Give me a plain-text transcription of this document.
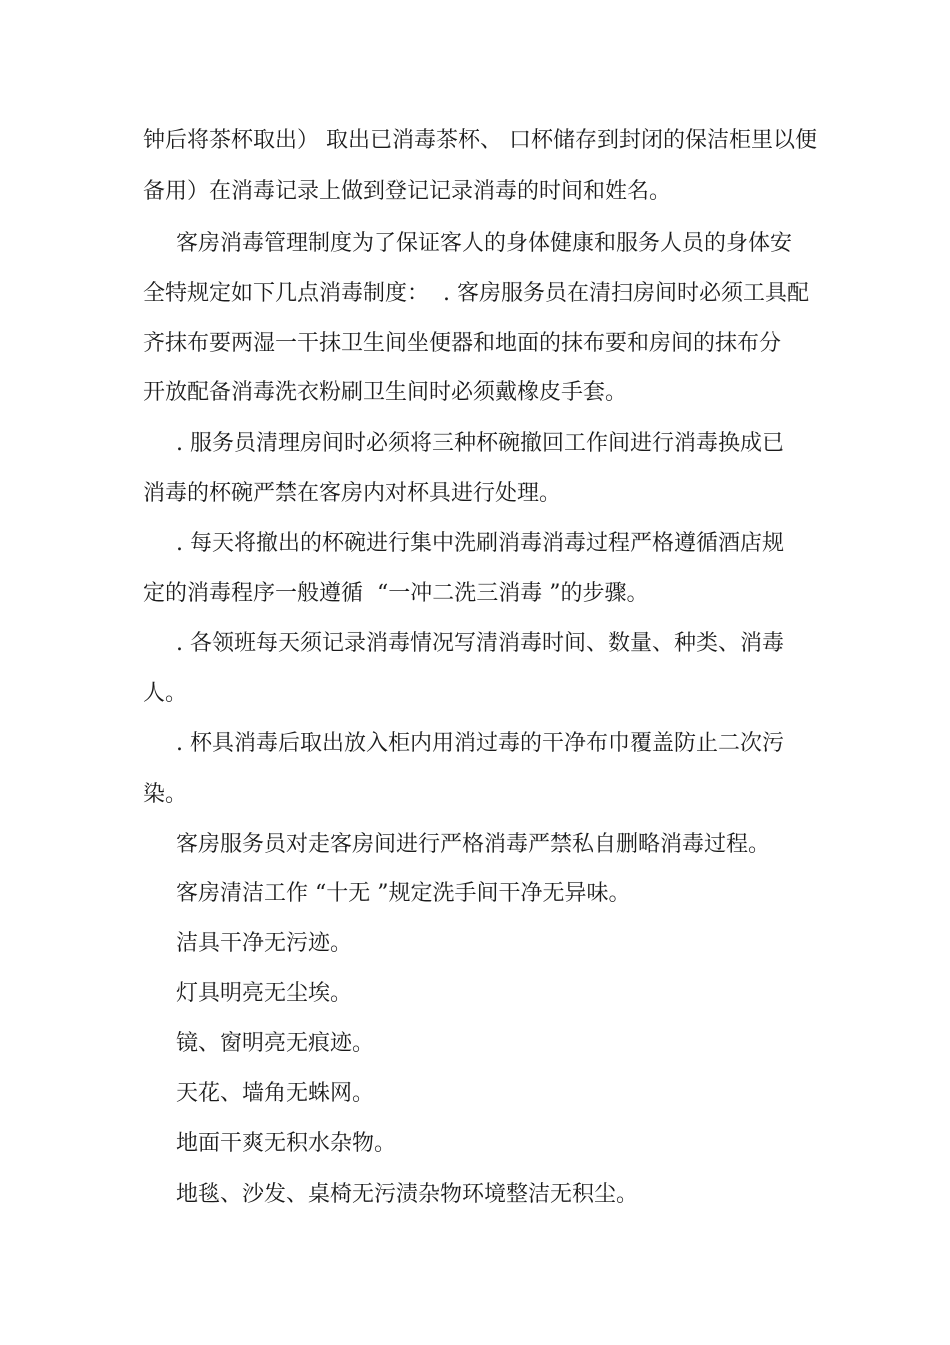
钟后将茶杯取出） 取出已消毒茶杯、 口杯储存到封闭的保洁柜里以便
备用）在消毒记录上做到登记记录消毒的时间和姓名。
客房消毒管理制度为了保证客人的身体健康和服务人员的身体安
全特规定如下几点消毒制度：  . 客房服务员在清扫房间时必须工具配
齐抹布要两湿一干抹卫生间坐便器和地面的抹布要和房间的抹布分
开放配备消毒洗衣粉刷卫生间时必须戴橡皮手套。
. 服务员清理房间时必须将三种杯碗撤回工作间进行消毒换成已
消毒的杯碗严禁在客房内对杯具进行处理。
. 每天将撤出的杯碗进行集中洗刷消毒消毒过程严格遵循酒店规
定的消毒程序一般遵循  “一冲二洗三消毒 ”的步骤。
. 各领班每天须记录消毒情况写清消毒时间、数量、种类、消毒
人。
. 杯具消毒后取出放入柜内用消过毒的干净布巾覆盖防止二次污
染。
客房服务员对走客房间进行严格消毒严禁私自删略消毒过程。
客房清洁工作 “十无 ”规定洗手间干净无异味。
洁具干净无污迹。
灯具明亮无尘埃。
镜、窗明亮无痕迹。
天花、墙角无蛛网。
地面干爽无积水杂物。
地毯、沙发、桌椅无污渍杂物环境整洁无积尘。
